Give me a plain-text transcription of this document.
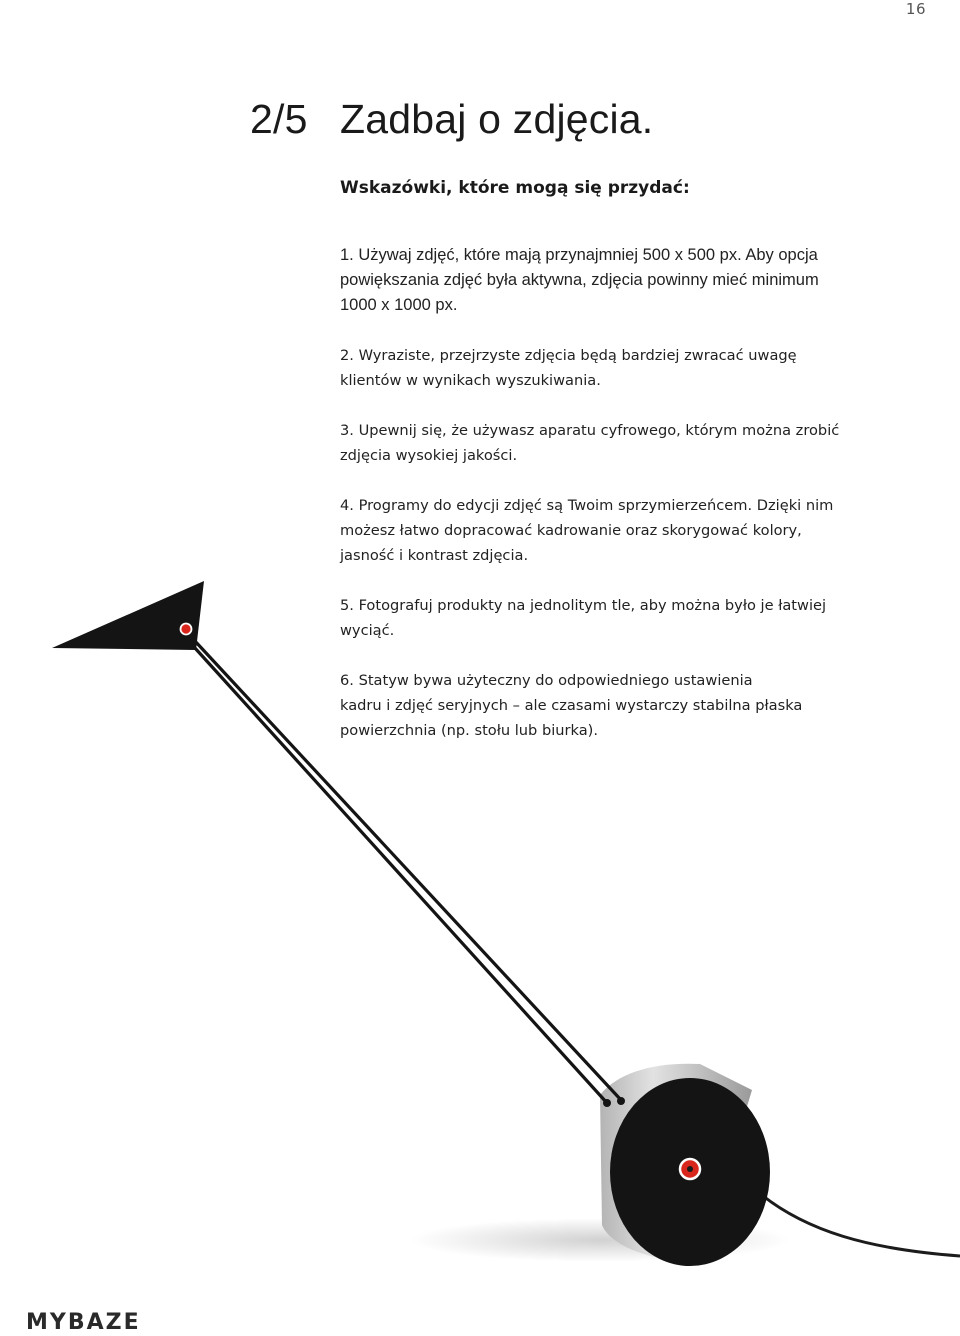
16
2/5 Zadbaj o zdjęcia.
Wskazówki, które mogą się przydać:
1. Używaj zdjęć, które mają przynajmniej 500 x 500 px. Aby opcja
powiększania zdjęć była aktywna, zdjęcia powinny mieć minimum
1000 x 1000 px.
2. Wyraziste, przejrzyste zdjęcia będą bardziej zwracać uwagę
klientów w wynikach wyszukiwania.
3. Upewnij się, że używasz aparatu cyfrowego, którym można zrobić
zdjęcia wysokiej jakości.
4. Programy do edycji zdjęć są Twoim sprzymierzeńcem. Dzięki nim
możesz łatwo dopracować kadrowanie oraz skorygować kolory,
jasność i kontrast zdjęcia.
5. Fotografuj produkty na jednolitym tle, aby można było je łatwiej
wyciąć.
6. Statyw bywa użyteczny do odpowiedniego ustawienia
kadru i zdjęć seryjnych – ale czasami wystarczy stabilna płaska
powierzchnia (np. stołu lub biurka).
MYBAZE
